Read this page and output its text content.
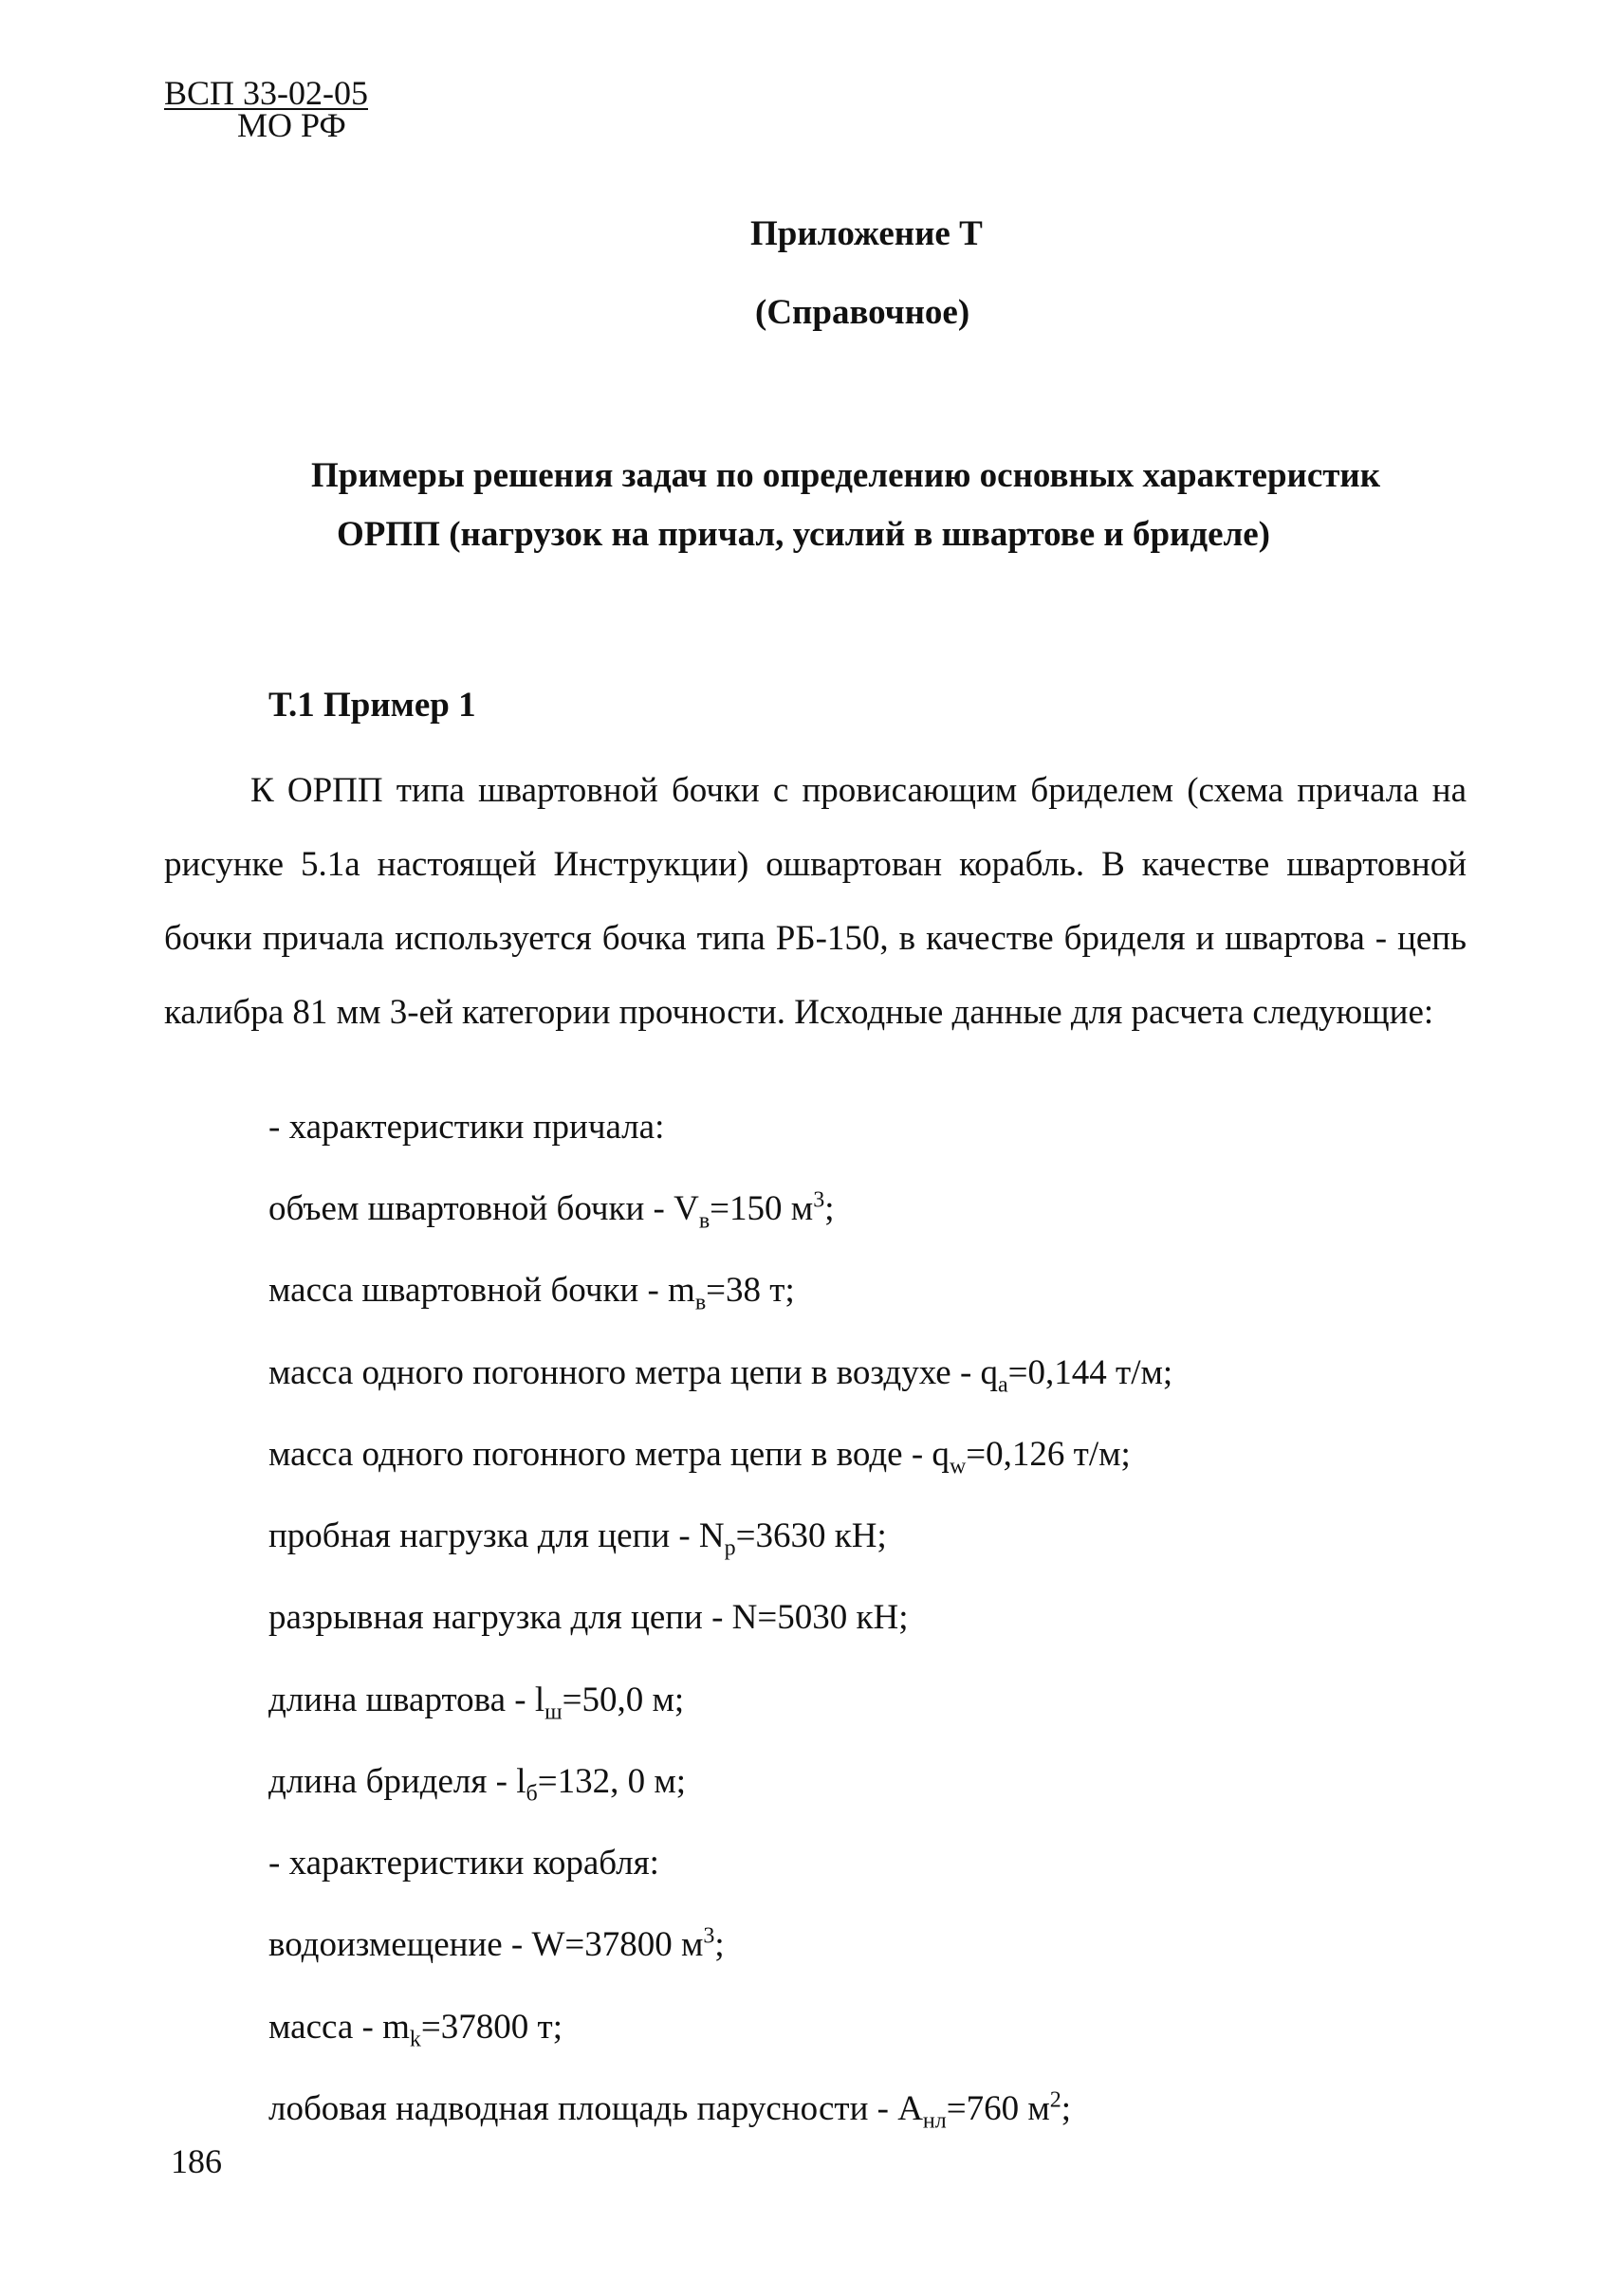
ВСП 33-02-05
МО РФ
Приложение Т
(Справочное)
Примеры решения задач по определению основных характеристик
ОРПП (нагрузок на причал, усилий в швартове и бриделе)
Т.1 Пример 1
К ОРПП типа швартовной бочки с провисающим бриделем (схема причала на рисунке 5.1а настоящей Инструкции) ошвартован корабль. В качестве швартовной бочки причала используется бочка типа РБ-150, в качестве бриделя и швартова - цепь калибра 81 мм 3-ей категории прочности. Исходные данные для расчета следующие:
- характеристики причала:
объем швартовной бочки - $V_в=150$ $м^3$;
масса швартовной бочки - $m_в=38$ т;
масса одного погонного метра цепи в воздухе - $q_a=0,144$ т/м;
масса одного погонного метра цепи в воде - $q_w=0,126$ т/м;
пробная нагрузка для цепи - $N_p=3630$ кН;
разрывная нагрузка для цепи - N=5030 кН;
длина швартова - $l_ш=50,0$ м;
длина бриделя - $l_б=132$, 0 м;
- характеристики корабля:
водоизмещение - W=37800 $м^3$;
масса - $m_k=37800$ т;
лобовая надводная площадь парусности - $A_{нл}=760$ $м^2$;
186
